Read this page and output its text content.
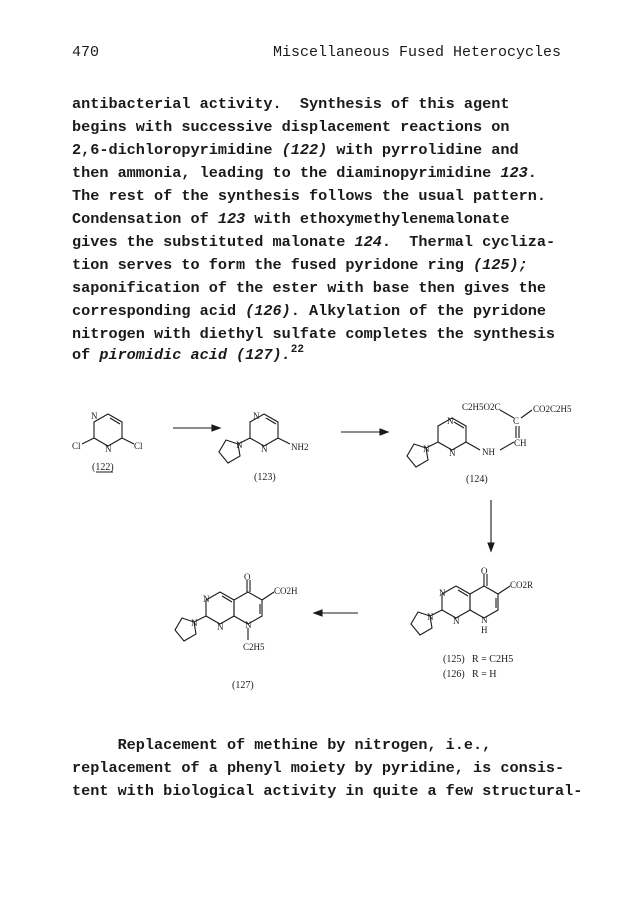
470	Miscellaneous Fused Heterocycles
antibacterial activity.  Synthesis of this agent
begins with successive displacement reactions on
2,6-dichloropyrimidine (122) with pyrrolidine and
then ammonia, leading to the diaminopyrimidine 123.
The rest of the synthesis follows the usual pattern.
Condensation of 123 with ethoxymethylenemalonate
gives the substituted malonate 124.  Thermal cycliza-
tion serves to form the fused pyridone ring (125);
saponification of the ester with base then gives the
corresponding acid (126). Alkylation of the pyridone
nitrogen with diethyl sulfate completes the synthesis
of piromidic acid (127).$^{22}$
N
N
Cl	Cl
(122)
N
N
N	NH2
(123)
N
N
N	NH
CH
C
C2H5O2C	CO2C2H5
(124)
O
CO2R
N
N N
H
N
(125) R = C2H5
(126) R = H
O
CO2H
N
N N
C2H5
N
(127)
Replacement of methine by nitrogen, i.e.,
replacement of a phenyl moiety by pyridine, is consis-
tent with biological activity in quite a few structural-
